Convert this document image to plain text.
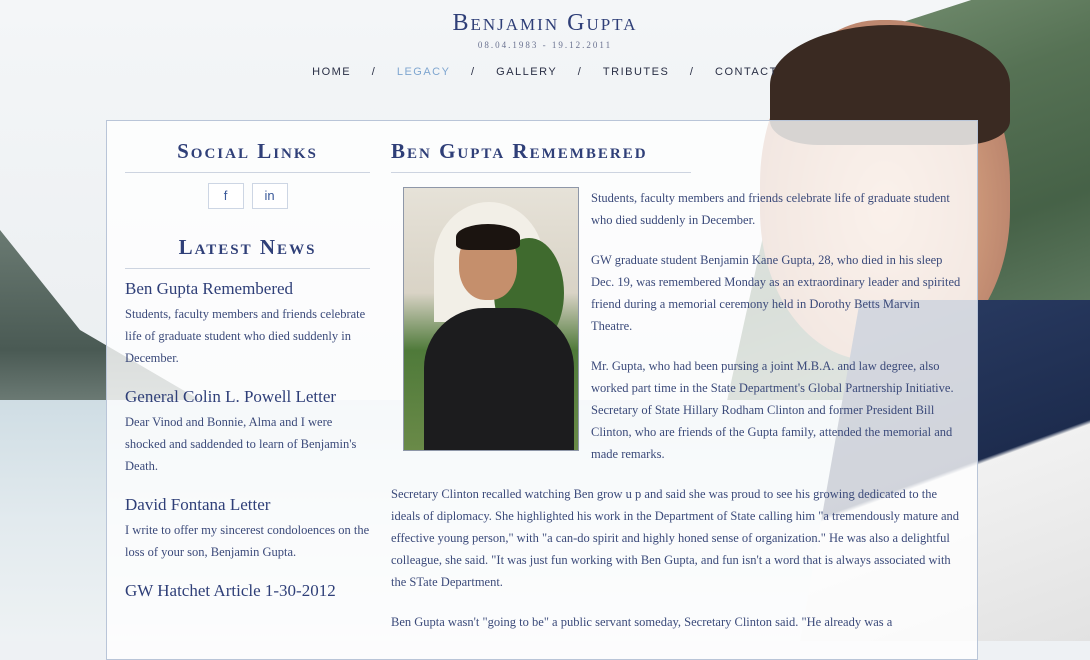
Benjamin Gupta
08.04.1983 - 19.12.2011
HOME / LEGACY / GALLERY / TRIBUTES / CONTACT
Social Links
f	in
Latest News
Ben Gupta Remembered
Students, faculty members and friends celebrate life of graduate student who died suddenly in December.
General Colin L. Powell Letter
Dear Vinod and Bonnie, Alma and I were shocked and saddended to learn of Benjamin's Death.
David Fontana Letter
I write to offer my sincerest condoloences on the loss of your son, Benjamin Gupta.
GW Hatchet Article 1-30-2012
Ben Gupta Remembered

Students, faculty members and friends celebrate life of graduate student who died suddenly in December.

GW graduate student Benjamin Kane Gupta, 28, who died in his sleep Dec. 19, was remembered Monday as an extraordinary leader and spirited friend during a memorial ceremony held in Dorothy Betts Marvin Theatre.

Mr. Gupta, who had been pursing a joint M.B.A. and law degree, also worked part time in the State Department's Global Partnership Initiative. Secretary of State Hillary Rodham Clinton and former President Bill Clinton, who are friends of the Gupta family, attended the memorial and made remarks.

Secretary Clinton recalled watching Ben grow u p and said she was proud to see his growing dedicated to the ideals of diplomacy. She highlighted his work in the Department of State calling him "a tremendously mature and effective young person," with "a can-do spirit and highly honed sense of organization." He was also a delightful colleague, she said. "It was just fun working with Ben Gupta, and fun isn't a word that is always associated with the STate Department.

Ben Gupta wasn't "going to be" a public servant someday, Secretary Clinton said. "He already was a
